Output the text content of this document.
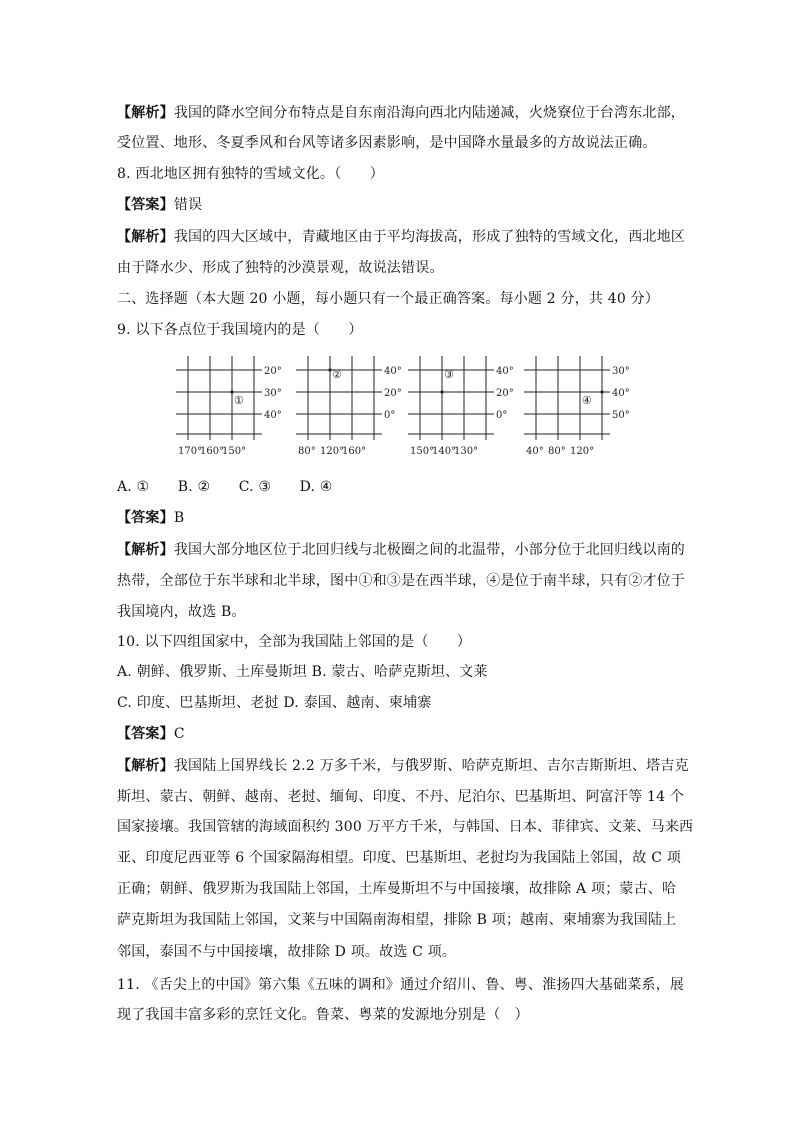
【解析】我国的降水空间分布特点是自东南沿海向西北内陆递减，火烧寮位于台湾东北部，
受位置、地形、冬夏季风和台风等诸多因素影响，是中国降水量最多的方故说法正确。
8. 西北地区拥有独特的雪域文化。（　　）
【答案】错误
【解析】我国的四大区域中，青藏地区由于平均海拔高，形成了独特的雪域文化，西北地区
由于降水少、形成了独特的沙漠景观，故说法错误。
二、选择题（本大题 20 小题，每小题只有一个最正确答案。每小题 2 分，共 40 分）
9. 以下各点位于我国境内的是（　　）
20°
30°
40°
170°
160°
150°
①
40°
20°
0°
80° 120°
160°
②	40°
20°
0°
150°
140°
130°
③	30°
40°
50°
40° 80° 120°
④
A. ①　　B. ②　　C. ③　　D. ④
【答案】B
【解析】我国大部分地区位于北回归线与北极圈之间的北温带，小部分位于北回归线以南的
热带，全部位于东半球和北半球，图中①和③是在西半球，④是位于南半球，只有②才位于
我国境内，故选 B。
10. 以下四组国家中，全部为我国陆上邻国的是（　　）
A. 朝鲜、俄罗斯、土库曼斯坦 B. 蒙古、哈萨克斯坦、文莱
C. 印度、巴基斯坦、老挝 D. 泰国、越南、柬埔寨
【答案】C
【解析】我国陆上国界线长 2.2 万多千米，与俄罗斯、哈萨克斯坦、吉尔吉斯斯坦、塔吉克
斯坦、蒙古、朝鲜、越南、老挝、缅甸、印度、不丹、尼泊尔、巴基斯坦、阿富汗等 14 个
国家接壤。我国管辖的海域面积约 300 万平方千米，与韩国、日本、菲律宾、文莱、马来西
亚、印度尼西亚等 6 个国家隔海相望。印度、巴基斯坦、老挝均为我国陆上邻国，故 C 项
正确；朝鲜、俄罗斯为我国陆上邻国，土库曼斯坦不与中国接壤，故排除 A 项；蒙古、哈
萨克斯坦为我国陆上邻国，文莱与中国隔南海相望，排除 B 项；越南、柬埔寨为我国陆上
邻国，泰国不与中国接壤，故排除 D 项。故选 C 项。
11. 《舌尖上的中国》第六集《五味的调和》通过介绍川、鲁、粤、淮扬四大基础菜系，展
现了我国丰富多彩的烹饪文化。鲁菜、粤菜的发源地分别是（　）
